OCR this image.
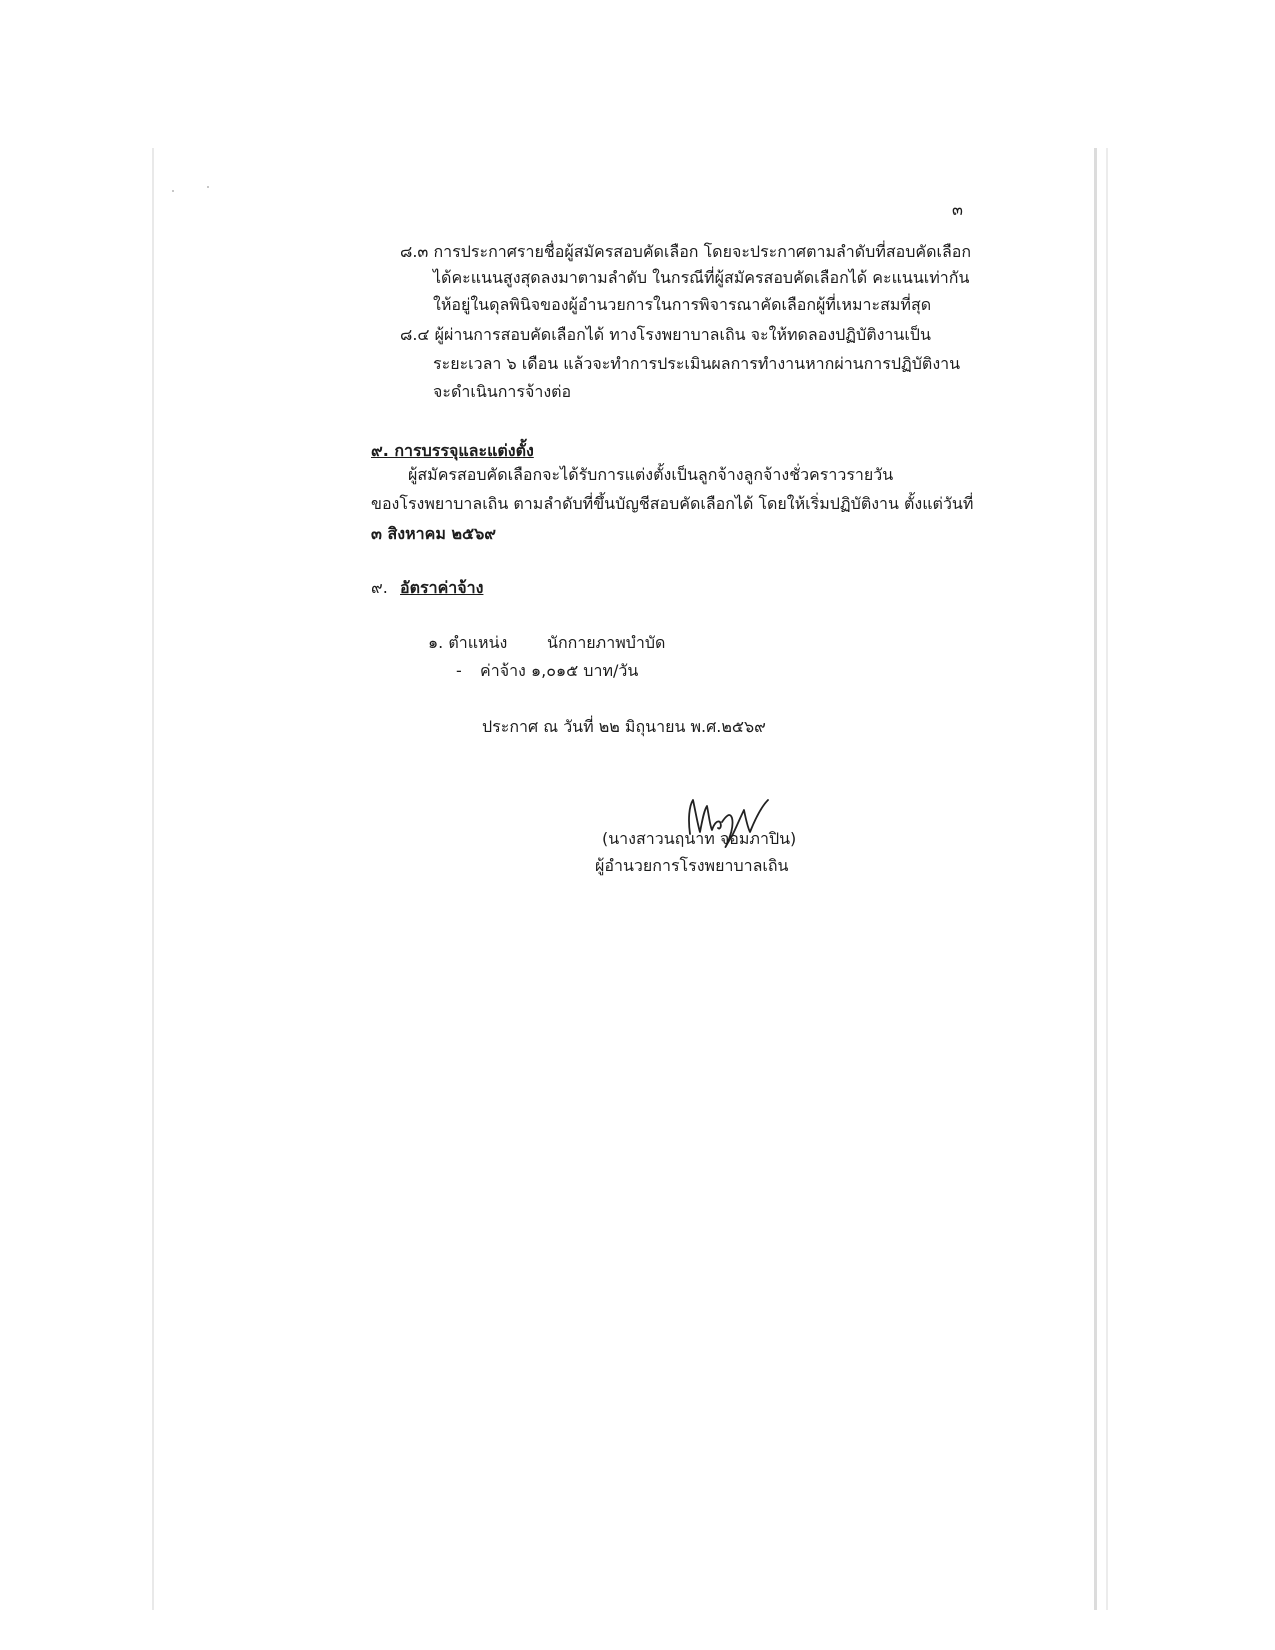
๓
๘.๓ การประกาศรายชื่อผู้สมัครสอบคัดเลือก โดยจะประกาศตามลำดับที่สอบคัดเลือก
ได้คะแนนสูงสุดลงมาตามลำดับ ในกรณีที่ผู้สมัครสอบคัดเลือกได้ คะแนนเท่ากัน
ให้อยู่ในดุลพินิจของผู้อำนวยการในการพิจารณาคัดเลือกผู้ที่เหมาะสมที่สุด
๘.๔ ผู้ผ่านการสอบคัดเลือกได้ ทางโรงพยาบาลเถิน จะให้ทดลองปฏิบัติงานเป็น
ระยะเวลา ๖ เดือน แล้วจะทำการประเมินผลการทำงานหากผ่านการปฏิบัติงาน
จะดำเนินการจ้างต่อ
๙. การบรรจุและแต่งตั้ง
ผู้สมัครสอบคัดเลือกจะได้รับการแต่งตั้งเป็นลูกจ้างลูกจ้างชั่วคราวรายวัน
ของโรงพยาบาลเถิน ตามลำดับที่ขึ้นบัญชีสอบคัดเลือกได้ โดยให้เริ่มปฏิบัติงาน ตั้งแต่วันที่
๓ สิงหาคม ๒๕๖๙
๙. อัตราค่าจ้าง
๑. ตำแหน่ง นักกายภาพบำบัด
- ค่าจ้าง ๑,๐๑๕ บาท/วัน
ประกาศ ณ วันที่ ๒๒ มิถุนายน พ.ศ.๒๕๖๙
(นางสาวนฤนาท จอมภาปิน)
ผู้อำนวยการโรงพยาบาลเถิน
